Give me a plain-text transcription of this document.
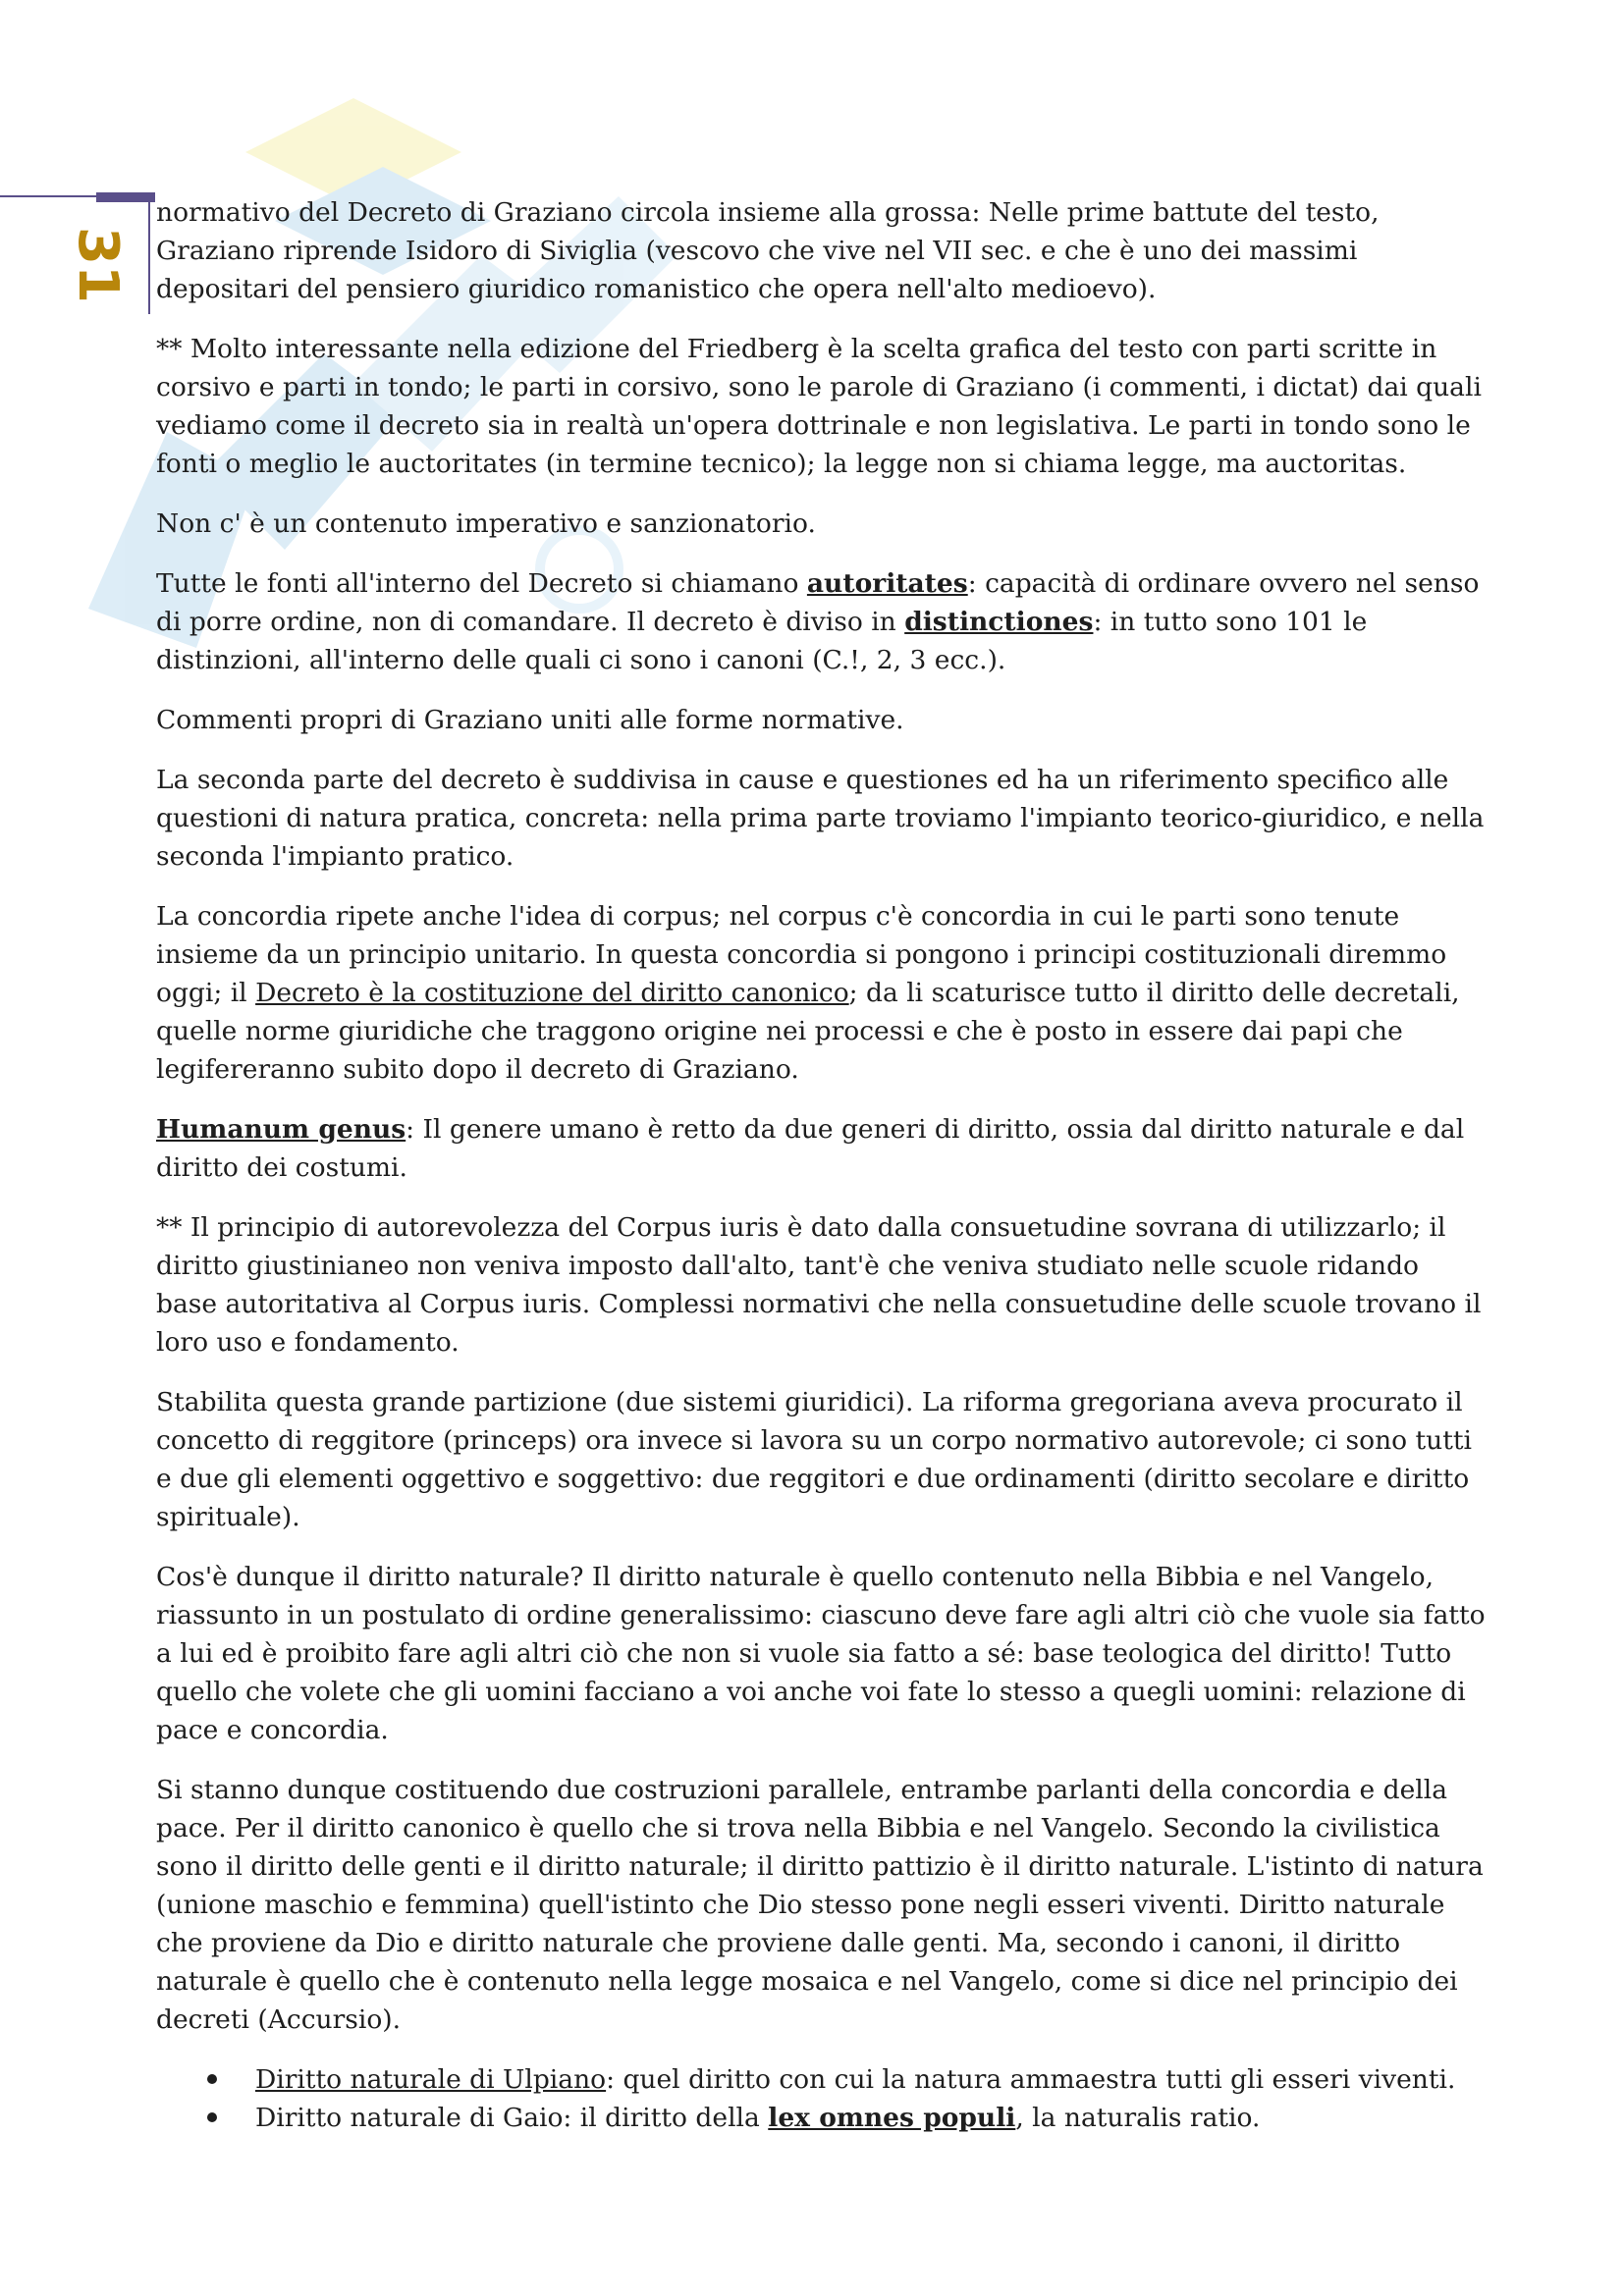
31

normativo del Decreto di Graziano circola insieme alla grossa: Nelle prime battute del testo, Graziano riprende Isidoro di Siviglia (vescovo che vive nel VII sec. e che è uno dei massimi depositari del pensiero giuridico romanistico che opera nell'alto medioevo).

** Molto interessante nella edizione del Friedberg è la scelta grafica del testo con parti scritte in corsivo e parti in tondo; le parti in corsivo, sono le parole di Graziano (i commenti, i dictat) dai quali vediamo come il decreto sia in realtà un'opera dottrinale e non legislativa. Le parti in tondo sono le fonti o meglio le auctoritates (in termine tecnico); la legge non si chiama legge, ma auctoritas.

Non c' è un contenuto imperativo e sanzionatorio.

Tutte le fonti all'interno del Decreto si chiamano autoritates: capacità di ordinare ovvero nel senso di porre ordine, non di comandare. Il decreto è diviso in distinctiones: in tutto sono 101 le distinzioni, all'interno delle quali ci sono i canoni (C.!, 2, 3 ecc.).

Commenti propri di Graziano uniti alle forme normative.

La seconda parte del decreto è suddivisa in cause e questiones ed ha un riferimento specifico alle questioni di natura pratica, concreta: nella prima parte troviamo l'impianto teorico-giuridico, e nella seconda l'impianto pratico.

La concordia ripete anche l'idea di corpus; nel corpus c'è concordia in cui le parti sono tenute insieme da un principio unitario. In questa concordia si pongono i principi costituzionali diremmo oggi; il Decreto è la costituzione del diritto canonico; da li scaturisce tutto il diritto delle decretali, quelle norme giuridiche che traggono origine nei processi e che è posto in essere dai papi che legifereranno subito dopo il decreto di Graziano.

Humanum genus: Il genere umano è retto da due generi di diritto, ossia dal diritto naturale e dal diritto dei costumi.

** Il principio di autorevolezza del Corpus iuris è dato dalla consuetudine sovrana di utilizzarlo; il diritto giustinianeo non veniva imposto dall'alto, tant'è che veniva studiato nelle scuole ridando base autoritativa al Corpus iuris. Complessi normativi che nella consuetudine delle scuole trovano il loro uso e fondamento.

Stabilita questa grande partizione (due sistemi giuridici). La riforma gregoriana aveva procurato il concetto di reggitore (princeps) ora invece si lavora su un corpo normativo autorevole; ci sono tutti e due gli elementi oggettivo e soggettivo: due reggitori e due ordinamenti (diritto secolare e diritto spirituale).

Cos'è dunque il diritto naturale? Il diritto naturale è quello contenuto nella Bibbia e nel Vangelo, riassunto in un postulato di ordine generalissimo: ciascuno deve fare agli altri ciò che vuole sia fatto a lui ed è proibito fare agli altri ciò che non si vuole sia fatto a sé: base teologica del diritto! Tutto quello che volete che gli uomini facciano a voi anche voi fate lo stesso a quegli uomini: relazione di pace e concordia.

Si stanno dunque costituendo due costruzioni parallele, entrambe parlanti della concordia e della pace. Per il diritto canonico è quello che si trova nella Bibbia e nel Vangelo. Secondo la civilistica sono il diritto delle genti e il diritto naturale; il diritto pattizio è il diritto naturale. L'istinto di natura (unione maschio e femmina) quell'istinto che Dio stesso pone negli esseri viventi. Diritto naturale che proviene da Dio e diritto naturale che proviene dalle genti. Ma, secondo i canoni, il diritto naturale è quello che è contenuto nella legge mosaica e nel Vangelo, come si dice nel principio dei decreti (Accursio).

Diritto naturale di Ulpiano: quel diritto con cui la natura ammaestra tutti gli esseri viventi.
Diritto naturale di Gaio: il diritto della lex omnes populi, la naturalis ratio.
